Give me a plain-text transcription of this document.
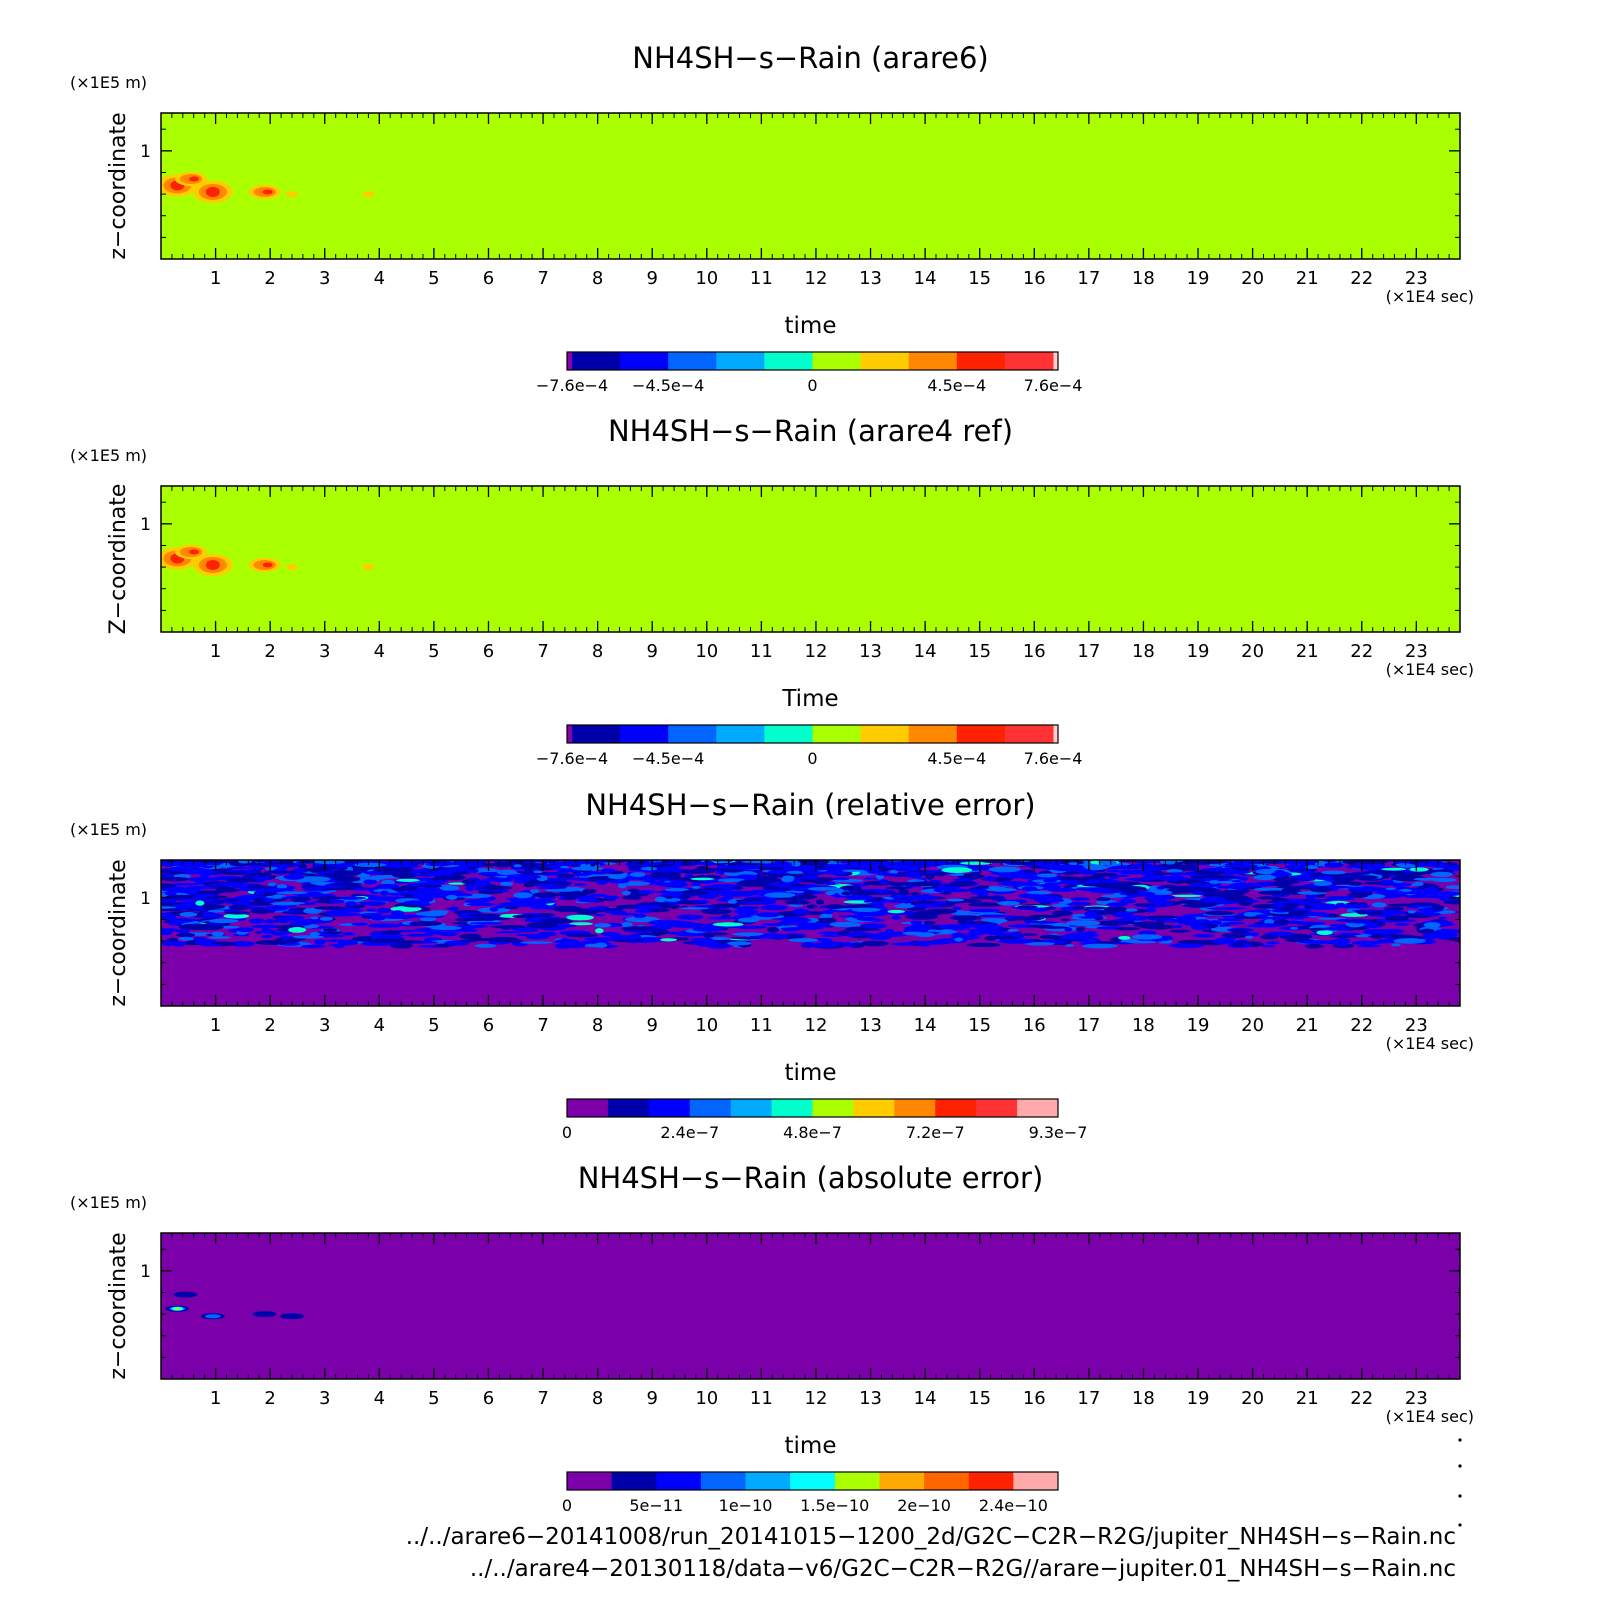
NH4SH−s−Rain (arare6)
(×1E5 m)
z−coordinate
1 2 3 4 5 6 7 8 9 10 11 12 13 14 15 16 17 18 19 20 21 22 23
1
(×1E4 sec)
time
−7.6e−4 −4.5e−4	0	4.5e−4 7.6e−4
NH4SH−s−Rain (arare4 ref)
(×1E5 m)
Z−coordinate
1 2 3 4 5 6 7 8 9 10 11 12 13 14 15 16 17 18 19 20 21 22 23
1
(×1E4 sec)
Time
−7.6e−4 −4.5e−4	0	4.5e−4 7.6e−4
NH4SH−s−Rain (relative error)
(×1E5 m)
z−coordinate
1 2 3 4 5 6 7 8 9 10 11 12 13 14 15 16 17 18 19 20 21 22 23
1
(×1E4 sec)
time
0	2.4e−7	4.8e−7	7.2e−7	9.3e−7
NH4SH−s−Rain (absolute error)
(×1E5 m)
z−coordinate
1 2 3 4 5 6 7 8 9 10 11 12 13 14 15 16 17 18 19 20 21 22 23
1
(×1E4 sec)
time
0	5e−11 1e−10 1.5e−10 2e−10 2.4e−10
../../arare6−20141008/run_20141015−1200_2d/G2C−C2R−R2G/jupiter_NH4SH−s−Rain.nc
../../arare4−20130118/data−v6/G2C−C2R−R2G//arare−jupiter.01_NH4SH−s−Rain.nc
